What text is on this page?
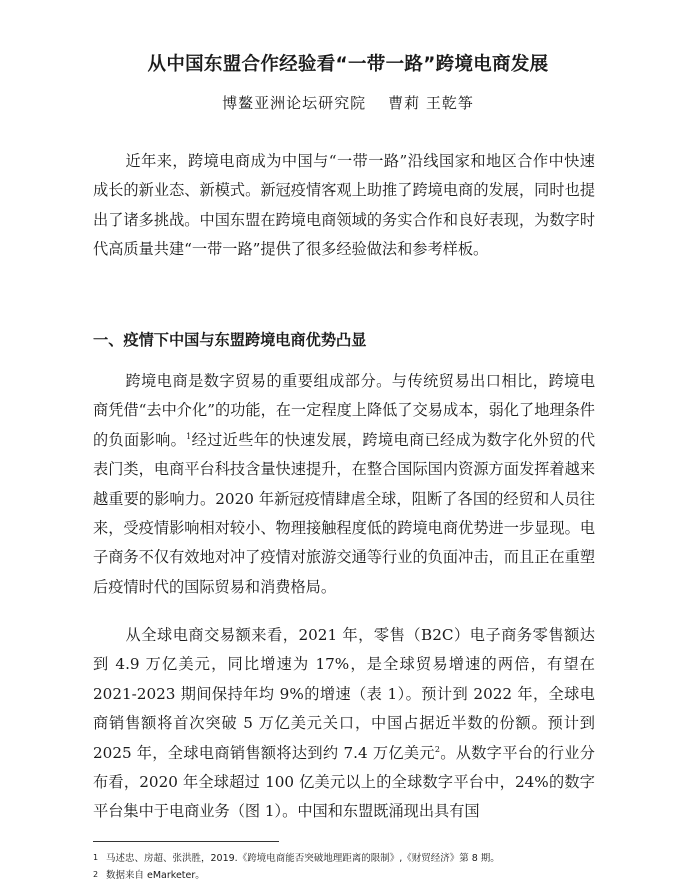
从中国东盟合作经验看“一带一路”跨境电商发展
博鳌亚洲论坛研究院 曹莉 王乾筝

近年来，跨境电商成为中国与“一带一路”沿线国家和地区合作中快速成长的新业态、新模式。新冠疫情客观上助推了跨境电商的发展，同时也提出了诸多挑战。中国东盟在跨境电商领域的务实合作和良好表现，为数字时代高质量共建“一带一路”提供了很多经验做法和参考样板。

一、疫情下中国与东盟跨境电商优势凸显

跨境电商是数字贸易的重要组成部分。与传统贸易出口相比，跨境电商凭借“去中介化”的功能，在一定程度上降低了交易成本，弱化了地理条件的负面影响。$^1$经过近些年的快速发展，跨境电商已经成为数字化外贸的代表门类，电商平台科技含量快速提升，在整合国际国内资源方面发挥着越来越重要的影响力。2020 年新冠疫情肆虐全球，阻断了各国的经贸和人员往来，受疫情影响相对较小、物理接触程度低的跨境电商优势进一步显现。电子商务不仅有效地对冲了疫情对旅游交通等行业的负面冲击，而且正在重塑后疫情时代的国际贸易和消费格局。

从全球电商交易额来看，2021 年，零售（B2C）电子商务零售额达到 4.9 万亿美元，同比增速为 17%，是全球贸易增速的两倍，有望在 2021-2023 期间保持年均 9%的增速（表 1）。预计到 2022 年，全球电商销售额将首次突破 5 万亿美元关口，中国占据近半数的份额。预计到 2025 年，全球电商销售额将达到约 7.4 万亿美元$^2$。从数字平台的行业分布看，2020 年全球超过 100 亿美元以上的全球数字平台中，24%的数字平台集中于电商业务（图 1）。中国和东盟既涌现出具有国

1 马述忠、房超、张洪胜，2019.《跨境电商能否突破地理距离的限制》,《财贸经济》第 8 期。
2 数据来自 eMarketer。
